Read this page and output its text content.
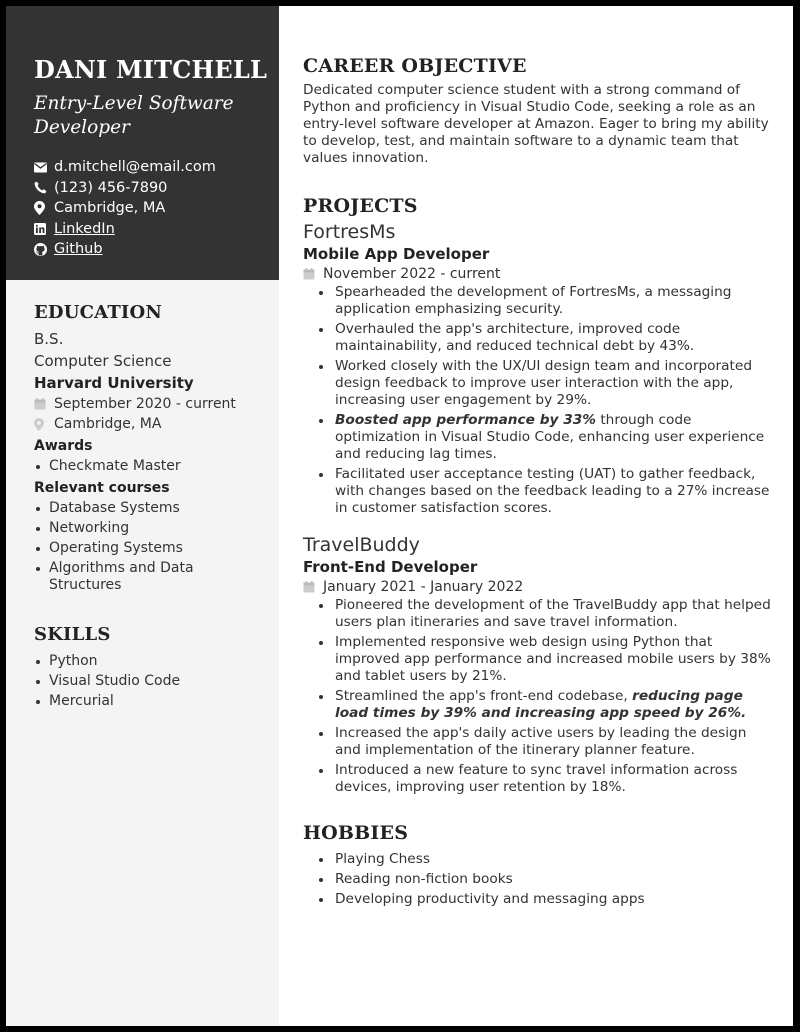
DANI MITCHELL
Entry-Level Software Developer
d.mitchell@email.com
(123) 456-7890
Cambridge, MA
LinkedIn
Github
EDUCATION
B.S.
Computer Science
Harvard University
September 2020 - current
Cambridge, MA
Awards
Checkmate Master
Relevant courses
Database Systems
Networking
Operating Systems
Algorithms and Data Structures
SKILLS
Python
Visual Studio Code
Mercurial
CAREER OBJECTIVE

Dedicated computer science student with a strong command of Python and proficiency in Visual Studio Code, seeking a role as an entry-level software developer at Amazon. Eager to bring my ability to develop, test, and maintain software to a dynamic team that values innovation.

PROJECTS
FortresMs
Mobile App Developer
November 2022 - current
Spearheaded the development of FortresMs, a messaging application emphasizing security.
Overhauled the app's architecture, improved code maintainability, and reduced technical debt by 43%.
Worked closely with the UX/UI design team and incorporated design feedback to improve user interaction with the app, increasing user engagement by 29%.
Boosted app performance by 33% through code optimization in Visual Studio Code, enhancing user experience and reducing lag times.
Facilitated user acceptance testing (UAT) to gather feedback, with changes based on the feedback leading to a 27% increase in customer satisfaction scores.
TravelBuddy
Front-End Developer
January 2021 - January 2022
Pioneered the development of the TravelBuddy app that helped users plan itineraries and save travel information.
Implemented responsive web design using Python that improved app performance and increased mobile users by 38% and tablet users by 21%.
Streamlined the app's front-end codebase, reducing page load times by 39% and increasing app speed by 26%.
Increased the app's daily active users by leading the design and implementation of the itinerary planner feature.
Introduced a new feature to sync travel information across devices, improving user retention by 18%.
HOBBIES
Playing Chess
Reading non-fiction books
Developing productivity and messaging apps
